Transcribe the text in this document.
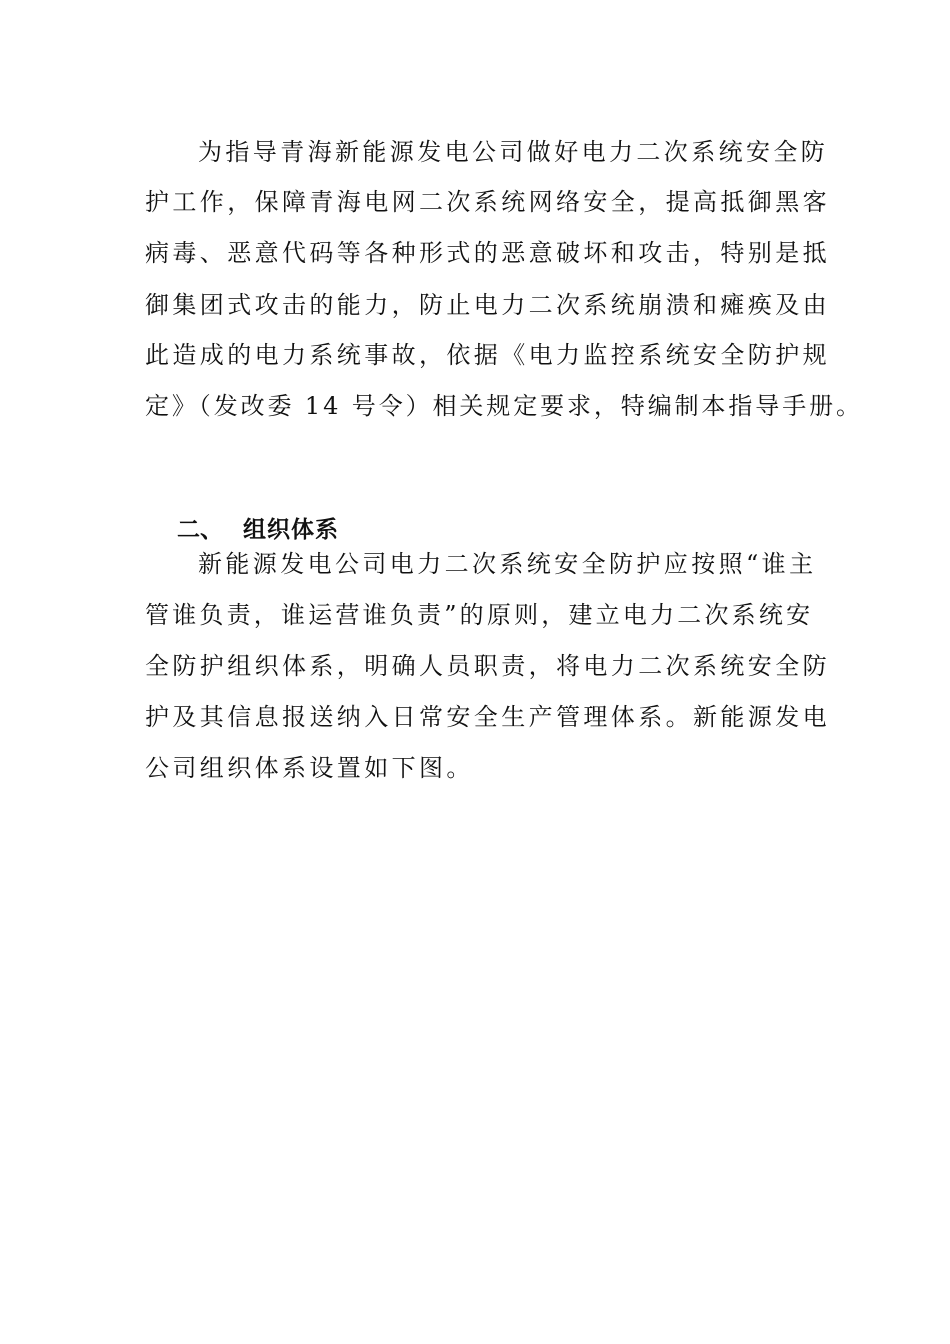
为指导青海新能源发电公司做好电力二次系统安全防
护工作，保障青海电网二次系统网络安全，提高抵御黑客
病毒、恶意代码等各种形式的恶意破坏和攻击，特别是抵
御集团式攻击的能力，防止电力二次系统崩溃和瘫痪及由
此造成的电力系统事故，依据《电力监控系统安全防护规
定》（发改委 14 号令）相关规定要求，特编制本指导手册。

二、 组织体系

新能源发电公司电力二次系统安全防护应按照“谁主
管谁负责，谁运营谁负责”的原则，建立电力二次系统安
全防护组织体系，明确人员职责，将电力二次系统安全防
护及其信息报送纳入日常安全生产管理体系。新能源发电
公司组织体系设置如下图。
